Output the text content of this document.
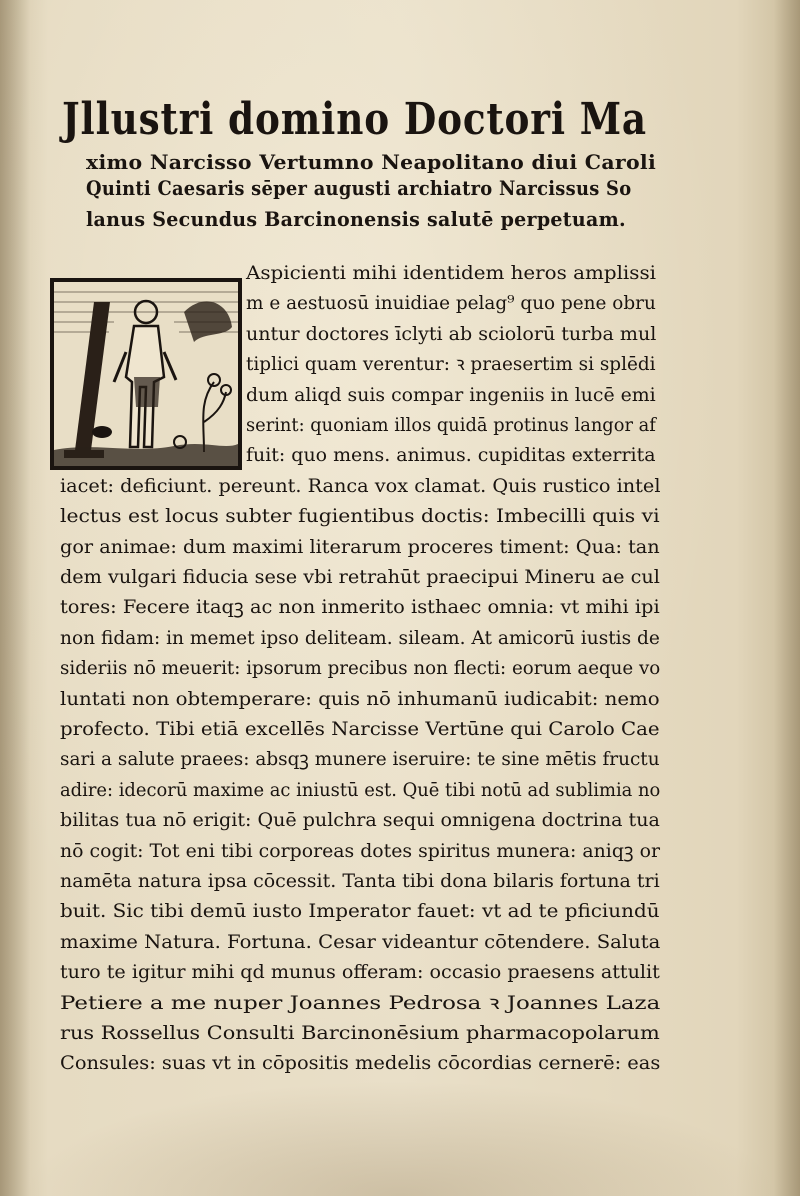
Jllustri domino Doctori Ma
ximo Narcisso Vertumno Neapolitano diui Caroli
Quinti Caesaris sēper augusti archiatro Narcissus So
lanus Secundus Barcinonensis salutē perpetuam.
Aspicienti mihi identidem heros amplissi
m e aestuosū inuidiae pelag⁹ quo pene obru
untur doctores īclyti ab sciolorū turba mul
tiplici quam verentur: ꝛ praesertim si splēdi
dum aliqd suis compar ingeniis in lucē emi
serint: quoniam illos quidā protinus langor af
fuit: quo mens. animus. cupiditas exterrita
iacet: deficiunt. pereunt. Ranca vox clamat. Quis rustico intel
lectus est locus subter fugientibus doctis: Imbecilli quis vi
gor animae: dum maximi literarum proceres timent: Qua: tan
dem vulgari fiducia sese vbi retrahūt praecipui Mineru ae cul
tores: Fecere itaqꝫ ac non inmerito isthaec omnia: vt mihi ipi
non fidam: in memet ipso deliteam. sileam. At amicorū iustis de
sideriis nō meuerit: ipsorum precibus non flecti: eorum aeque vo
luntati non obtemperare: quis nō inhumanū iudicabit: nemo
profecto. Tibi etiā excellēs Narcisse Vertūne qui Carolo Cae
sari a salute praees: absqꝫ munere iseruire: te sine mētis fructu
adire: idecorū maxime ac iniustū est. Quē tibi notū ad sublimia no
bilitas tua nō erigit: Quē pulchra sequi omnigena doctrina tua
nō cogit: Tot eni tibi corporeas dotes spiritus munera: aniqꝫ or
namēta natura ipsa cōcessit. Tanta tibi dona bilaris fortuna tri
buit. Sic tibi demū iusto Imperator fauet: vt ad te pficiundū
maxime Natura. Fortuna. Cesar videantur cōtendere. Saluta
turo te igitur mihi qd munus offeram: occasio praesens attulit
Petiere a me nuper Joannes Pedrosa ꝛ Joannes Laza
rus Rossellus Consulti Barcinonēsium pharmacopolarum
Consules: suas vt in cōpositis medelis cōcordias cernerē: eas
